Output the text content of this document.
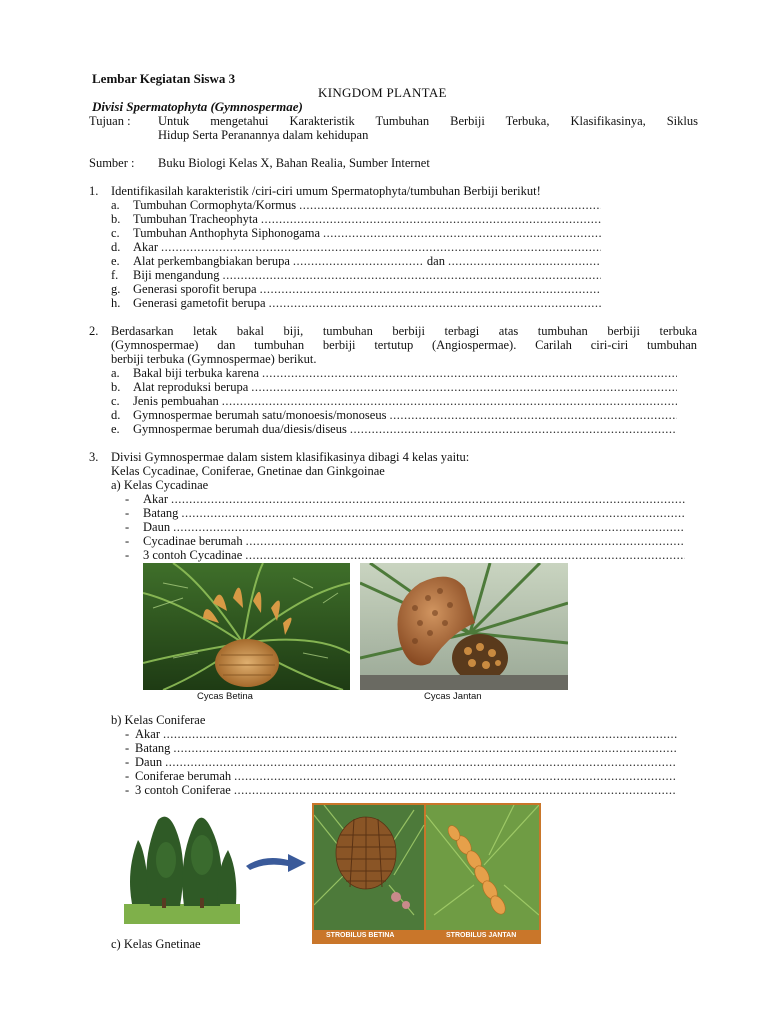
Lembar Kegiatan Siswa 3
KINGDOM PLANTAE
Divisi Spermatophyta (Gymnospermae)
Tujuan : Untuk mengetahui Karakteristik Tumbuhan Berbiji Terbuka, Klasifikasinya, Siklus
Hidup Serta Peranannya dalam kehidupan
Sumber : Buku Biologi Kelas X, Bahan Realia, Sumber Internet
1. Identifikasilah karakteristik /ciri-ciri umum Spermatophyta/tumbuhan Berbiji berikut!
a.	Tumbuhan Cormophyta/Kormus
.....
b.	Tumbuhan Tracheophyta
.....
c.	Tumbuhan Anthophyta Siphonogama
.....
d.	Akar
.....
e.	Alat perkembangbiakan berupa
.....	dan
.....
f.	Biji mengandung
.....
g.	Generasi sporofit berupa
.....
h.	Generasi gametofit berupa
.....
2. Berdasarkan letak bakal biji, tumbuhan berbiji terbagi atas tumbuhan berbiji terbuka
(Gymnospermae) dan tumbuhan berbiji tertutup (Angiospermae). Carilah ciri-ciri tumbuhan
berbiji terbuka (Gymnospermae) berikut.
a.	Bakal biji terbuka karena
.....
b.	Alat reproduksi berupa
.....
c.	Jenis pembuahan
.....
d.	Gymnospermae berumah satu/monoesis/monoseus
.....
e.	Gymnospermae berumah dua/diesis/diseus
.....
3. Divisi Gymnospermae dalam sistem klasifikasinya dibagi 4 kelas yaitu:
Kelas Cycadinae, Coniferae, Gnetinae dan Ginkgoinae
a) Kelas Cycadinae
-	Akar
.....
-	Batang
.....
-	Daun
.....
-	Cycadinae berumah
.....
-	3 contoh Cycadinae
.....
Cycas Betina	Cycas Jantan
b) Kelas Coniferae
- Akar
.....
- Batang
.....
- Daun
.....
- Coniferae berumah
.....
- 3 contoh Coniferae
.....
STROBILUS BETINA	STROBILUS JANTAN
c) Kelas Gnetinae
